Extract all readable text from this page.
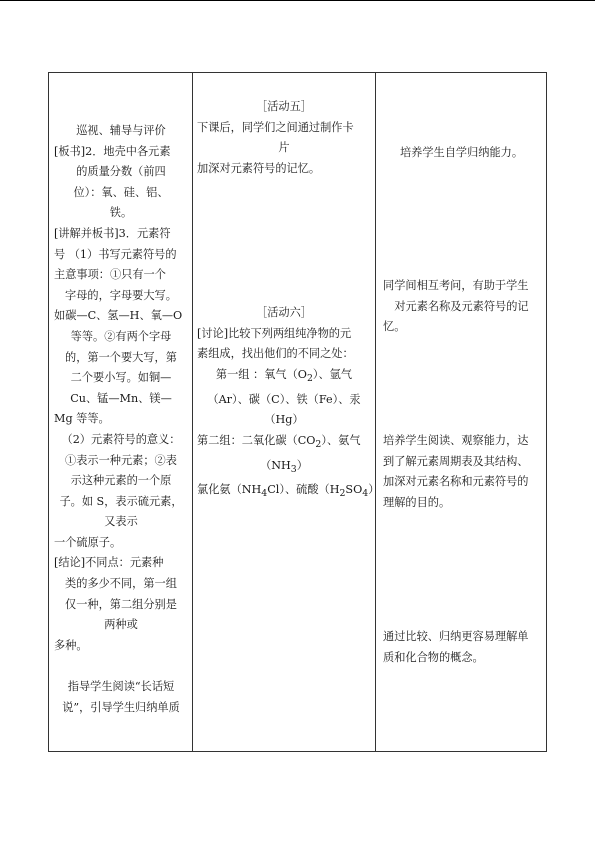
巡视、辅导与评价
[板书]2．地壳中各元素
的质量分数（前四
位）：氧、硅、铝、
铁。
[讲解并板书]3．元素符
号 （1）书写元素符号的
主意事项：①只有一个
字母的，字母要大写。
如碳—C、氢—H、氧—O
等等。②有两个字母
的，第一个要大写，第
二个要小写。如铜—
Cu、锰—Mn、镁—
Mg 等等。
（2）元素符号的意义：
①表示一种元素；②表
示这种元素的一个原
子。如 S，表示硫元素，
又表示
一个硫原子。
[结论]不同点：元素种
类的多少不同，第一组
仅一种，第二组分别是
两种或
多种。
指导学生阅读“长话短
说”，引导学生归纳单质
［活动五］
下课后，同学们之间通过制作卡
片
加深对元素符号的记忆。
［活动六］
[讨论]比较下列两组纯净物的元
素组成，找出他们的不同之处：
第一组 ：氧气$(O_2)$、氩气
（Ar）、碳（C）、铁（Fe）、汞
（Hg）
第二组：二氧化碳$(CO_2)$、氨气
$(NH_3)$
氯化氨$(NH_4Cl)$、硫酸$(H_2SO_4)$
培养学生自学归纳能力。
同学间相互考问，有助于学生
对元素名称及元素符号的记
忆。
培养学生阅读、观察能力，达
到了解元素周期表及其结构、
加深对元素名称和元素符号的
理解的目的。
通过比较、归纳更容易理解单
质和化合物的概念。
